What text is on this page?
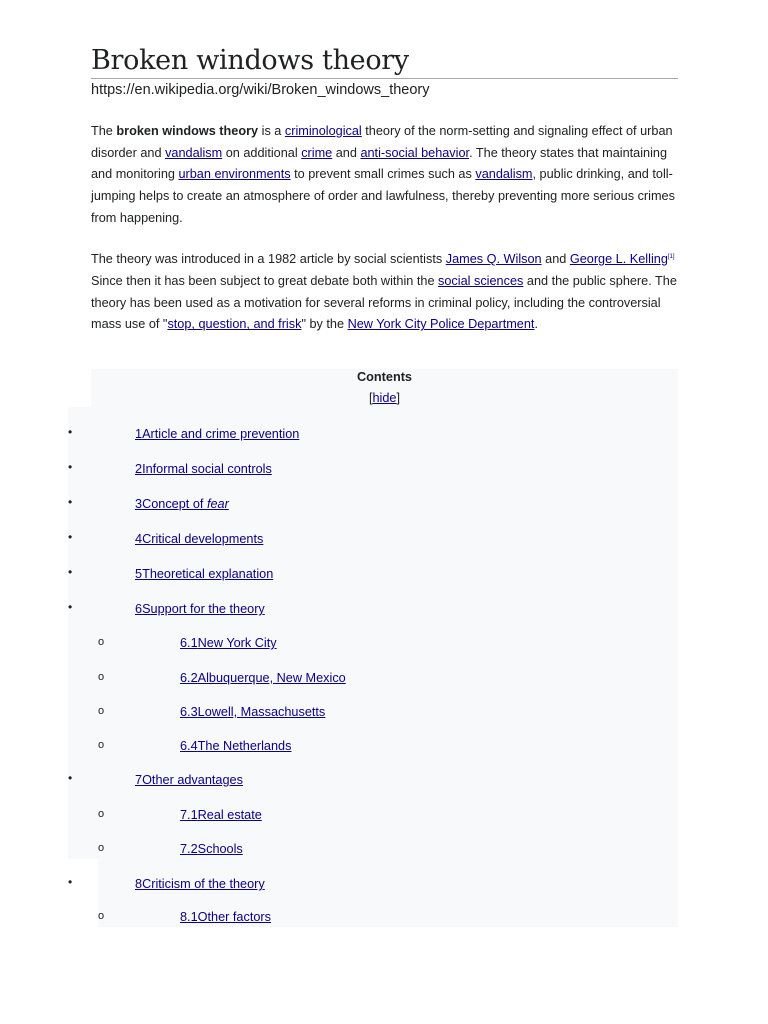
Broken windows theory
https://en.wikipedia.org/wiki/Broken_windows_theory

The broken windows theory is a criminological theory of the norm-setting and signaling effect of urban disorder and vandalism on additional crime and anti-social behavior. The theory states that maintaining and monitoring urban environments to prevent small crimes such as vandalism, public drinking, and toll-jumping helps to create an atmosphere of order and lawfulness, thereby preventing more serious crimes from happening.

The theory was introduced in a 1982 article by social scientists James Q. Wilson and George L. Kelling[1] Since then it has been subject to great debate both within the social sciences and the public sphere. The theory has been used as a motivation for several reforms in criminal policy, including the controversial mass use of "stop, question, and frisk" by the New York City Police Department.

Contents
[hide]
•	1Article and crime prevention
•	2Informal social controls
•	3Concept of fear
•	4Critical developments
•	5Theoretical explanation
•	6Support for the theory
o	6.1New York City
o	6.2Albuquerque, New Mexico
o	6.3Lowell, Massachusetts
o	6.4The Netherlands
•	7Other advantages
o	7.1Real estate
o	7.2Schools
•	8Criticism of the theory
o	8.1Other factors
